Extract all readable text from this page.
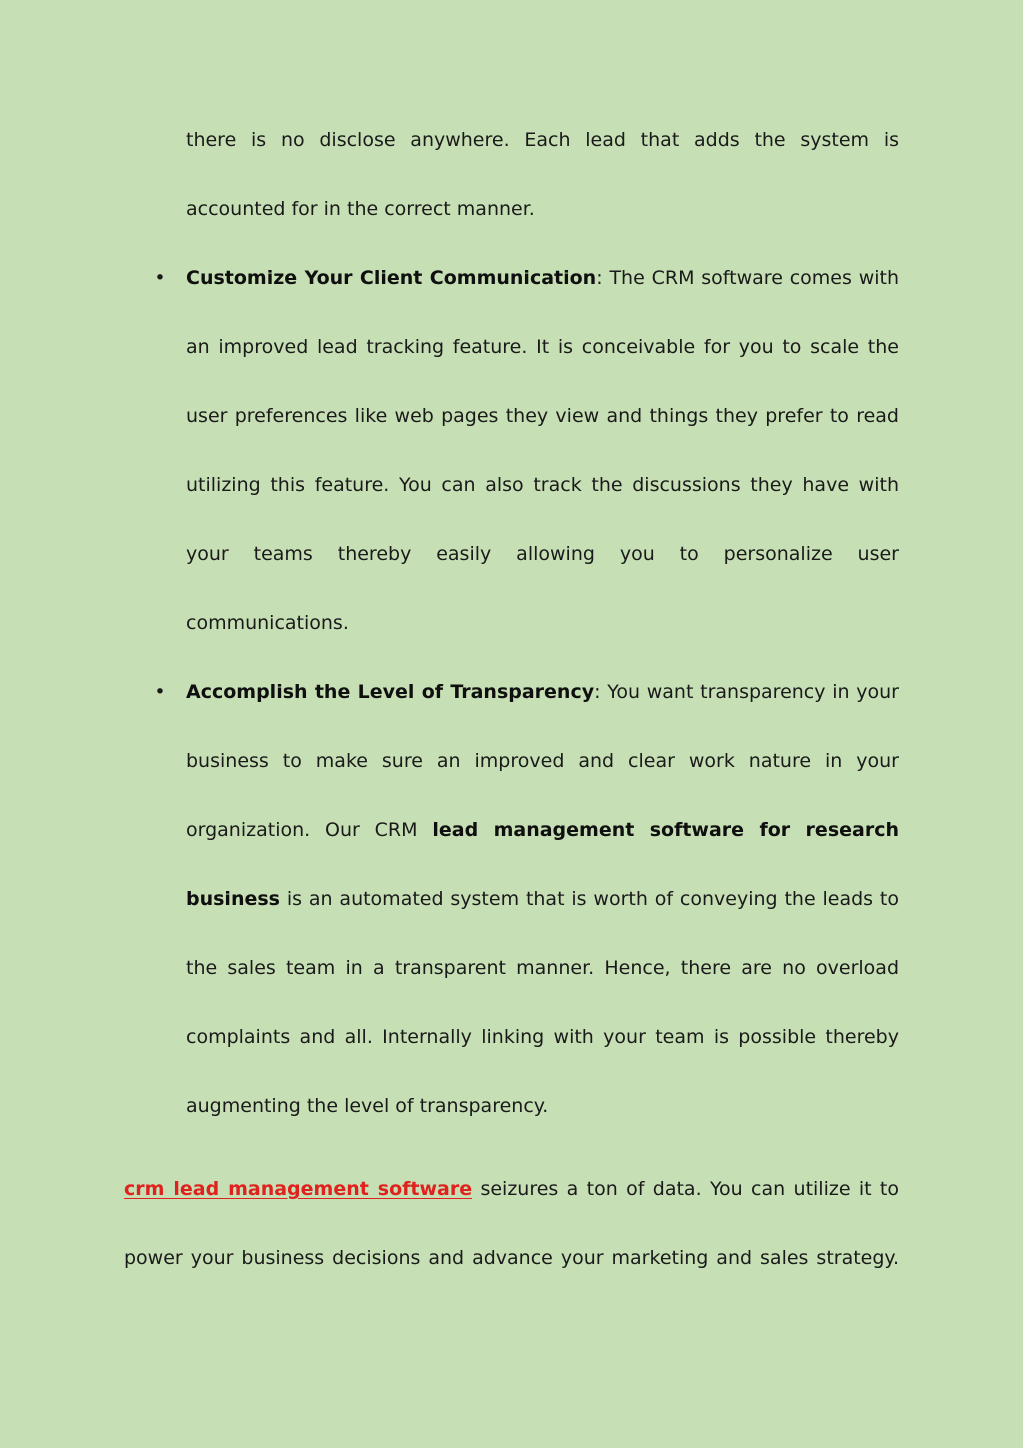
there is no disclose anywhere. Each lead that adds the system is
accounted for in the correct manner.
• Customize Your Client Communication: The CRM software comes with
an improved lead tracking feature. It is conceivable for you to scale the
user preferences like web pages they view and things they prefer to read
utilizing this feature. You can also track the discussions they have with
your teams thereby easily allowing you to personalize user
communications.
• Accomplish the Level of Transparency: You want transparency in your
business to make sure an improved and clear work nature in your
organization. Our CRM lead management software for research
business is an automated system that is worth of conveying the leads to
the sales team in a transparent manner. Hence, there are no overload
complaints and all. Internally linking with your team is possible thereby
augmenting the level of transparency.
crm lead management software seizures a ton of data. You can utilize it to
power your business decisions and advance your marketing and sales strategy.
